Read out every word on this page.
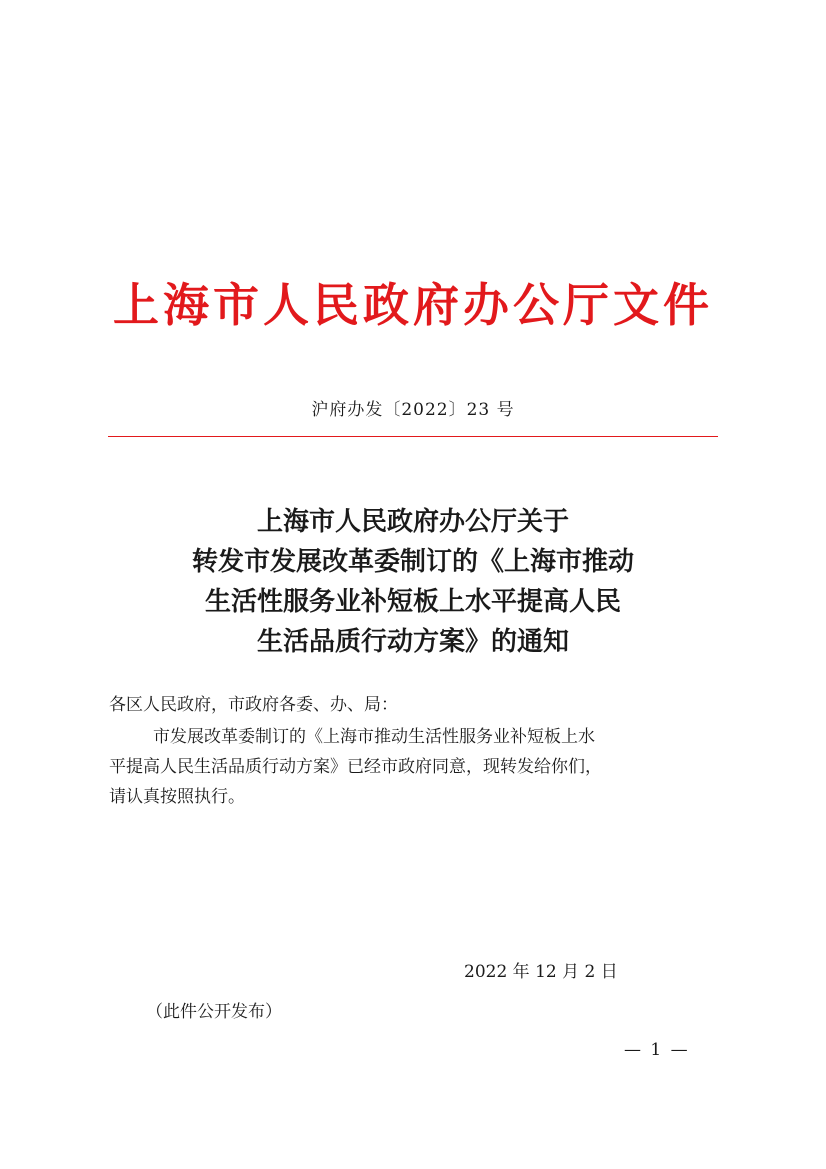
上海市人民政府办公厅文件
沪府办发〔2022〕23 号
上海市人民政府办公厅关于
转发市发展改革委制订的《上海市推动
生活性服务业补短板上水平提高人民
生活品质行动方案》的通知
各区人民政府，市政府各委、办、局：
市发展改革委制订的《上海市推动生活性服务业补短板上水
平提高人民生活品质行动方案》已经市政府同意，现转发给你们，
请认真按照执行。
2022 年 12 月 2 日
（此件公开发布）
— 1 —
